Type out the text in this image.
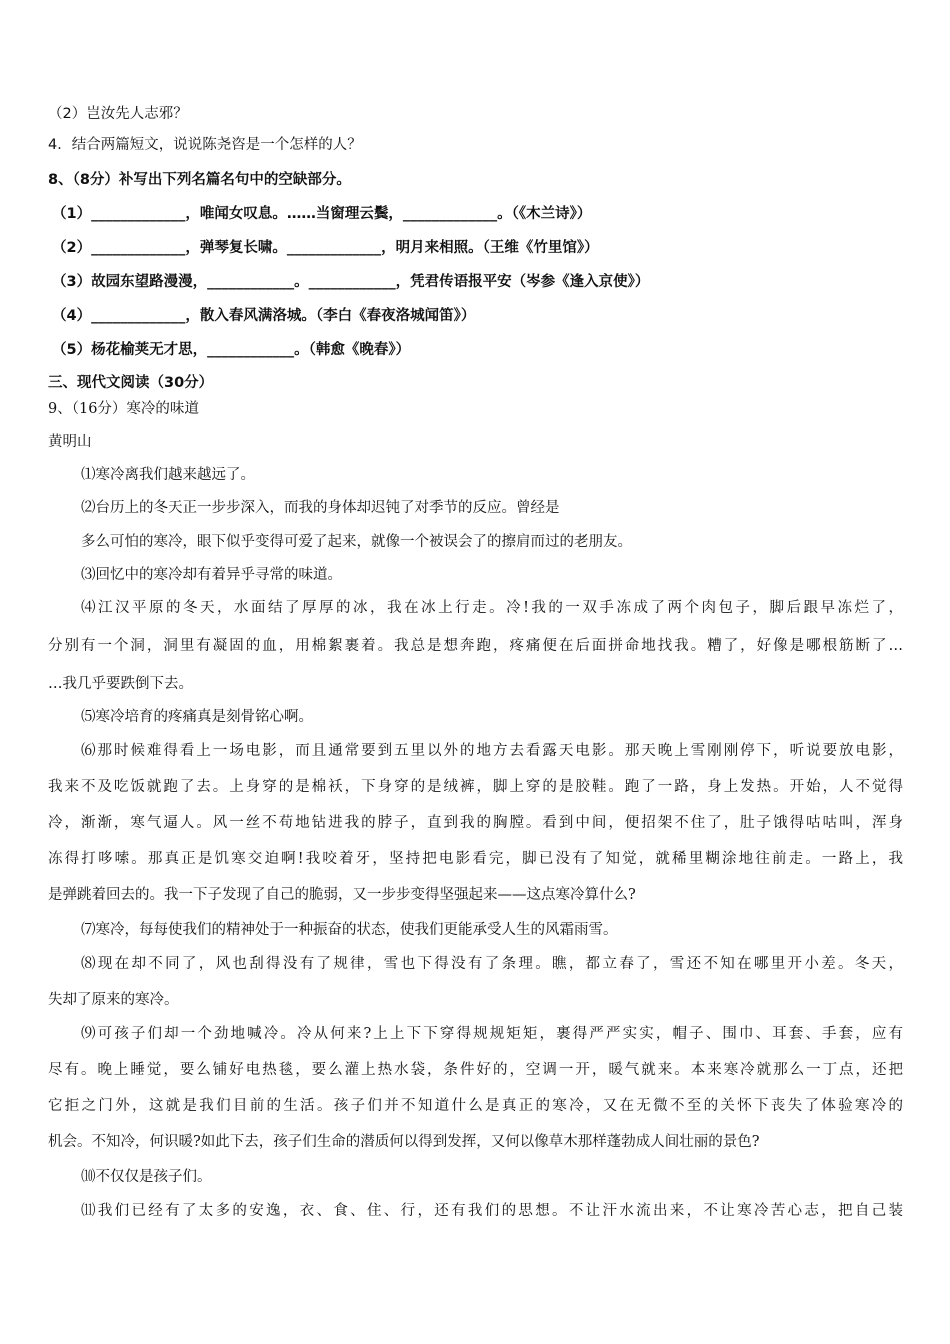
（2）岂汝先人志邪？
4．结合两篇短文，说说陈尧咨是一个怎样的人？
8、（8分）补写出下列名篇名句中的空缺部分。
（1）_____________，唯闻女叹息。……当窗理云鬓，_____________。（《木兰诗》）
（2）_____________，弹琴复长啸。_____________，明月来相照。（王维《竹里馆》）
（3）故园东望路漫漫，____________。____________，凭君传语报平安（岑参《逢入京使》）
（4）_____________，散入春风满洛城。（李白《春夜洛城闻笛》）
（5）杨花榆荚无才思，____________。（韩愈《晚春》）
三、现代文阅读（30分）
9、（16分）寒冷的味道
黄明山
⑴寒冷离我们越来越远了。
⑵台历上的冬天正一步步深入，而我的身体却迟钝了对季节的反应。曾经是
多么可怕的寒冷，眼下似乎变得可爱了起来，就像一个被误会了的擦肩而过的老朋友。
⑶回忆中的寒冷却有着异乎寻常的味道。
⑷江汉平原的冬天，水面结了厚厚的冰，我在冰上行走。冷!我的一双手冻成了两个肉包子，脚后跟早冻烂了，
分别有一个洞，洞里有凝固的血，用棉絮裹着。我总是想奔跑，疼痛便在后面拼命地找我。糟了，好像是哪根筋断了…
…我几乎要跌倒下去。
⑸寒冷培育的疼痛真是刻骨铭心啊。
⑹那时候难得看上一场电影，而且通常要到五里以外的地方去看露天电影。那天晚上雪刚刚停下，听说要放电影，
我来不及吃饭就跑了去。上身穿的是棉袄，下身穿的是绒裤，脚上穿的是胶鞋。跑了一路，身上发热。开始，人不觉得
冷，渐渐，寒气逼人。风一丝不苟地钻进我的脖子，直到我的胸膛。看到中间，便招架不住了，肚子饿得咕咕叫，浑身
冻得打哆嗦。那真正是饥寒交迫啊!我咬着牙，坚持把电影看完，脚已没有了知觉，就稀里糊涂地往前走。一路上，我
是弹跳着回去的。我一下子发现了自己的脆弱，又一步步变得坚强起来——这点寒冷算什么?
⑺寒冷，每每使我们的精神处于一种振奋的状态，使我们更能承受人生的风霜雨雪。
⑻现在却不同了，风也刮得没有了规律，雪也下得没有了条理。瞧，都立春了，雪还不知在哪里开小差。冬天，
失却了原来的寒冷。
⑼可孩子们却一个劲地喊冷。冷从何来?上上下下穿得规规矩矩，裹得严严实实，帽子、围巾、耳套、手套，应有
尽有。晚上睡觉，要么铺好电热毯，要么灌上热水袋，条件好的，空调一开，暖气就来。本来寒冷就那么一丁点，还把
它拒之门外，这就是我们目前的生活。孩子们并不知道什么是真正的寒冷，又在无微不至的关怀下丧失了体验寒冷的
机会。不知冷，何识暖?如此下去，孩子们生命的潜质何以得到发挥，又何以像草木那样蓬勃成人间壮丽的景色?
⑽不仅仅是孩子们。
⑾我们已经有了太多的安逸，衣、食、住、行，还有我们的思想。不让汗水流出来，不让寒冷苦心志，把自己装
